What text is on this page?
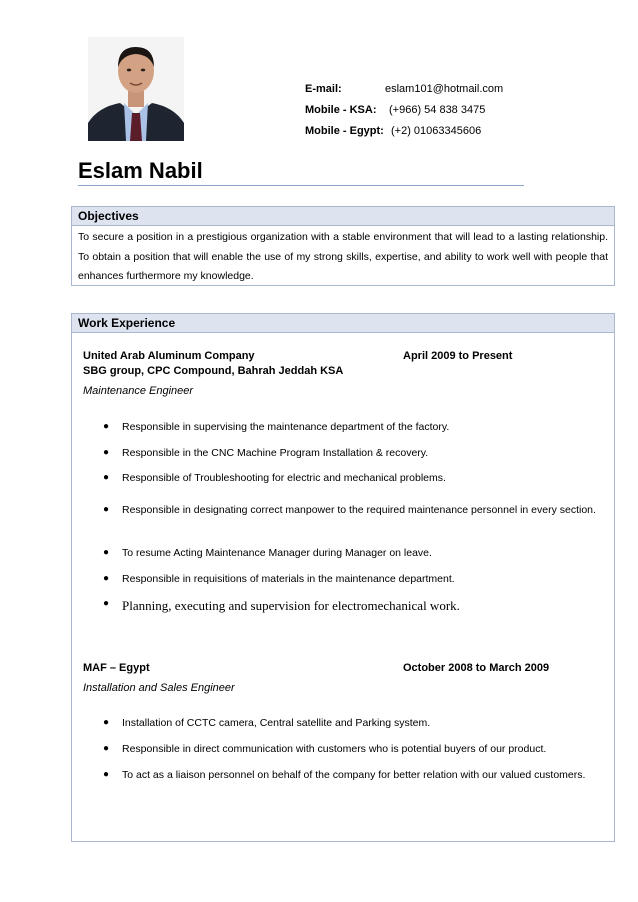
E-mail:	eslam101@hotmail.com
Mobile - KSA:	(+966) 54 838 3475
Mobile - Egypt: (+2) 01063345606
Eslam Nabil
Objectives
To secure a position in a prestigious organization with a stable environment that will lead to a lasting relationship. To obtain a position that will enable the use of my strong skills, expertise, and ability to work well with people that enhances furthermore my knowledge.
Work Experience
United Arab Aluminum Company	April 2009 to Present
SBG group, CPC Compound, Bahrah Jeddah KSA
Maintenance Engineer
● Responsible in supervising the maintenance department of the factory.
● Responsible in the CNC Machine Program Installation & recovery.
● Responsible of Troubleshooting for electric and mechanical problems.
● Responsible in designating correct manpower to the required maintenance personnel in every section.
● To resume Acting Maintenance Manager during Manager on leave.
● Responsible in requisitions of materials in the maintenance department.
● Planning, executing and supervision for electromechanical work.
MAF – Egypt	October 2008 to March 2009
Installation and Sales Engineer
● Installation of CCTC camera, Central satellite and Parking system.
● Responsible in direct communication with customers who is potential buyers of our product.
● To act as a liaison personnel on behalf of the company for better relation with our valued customers.
